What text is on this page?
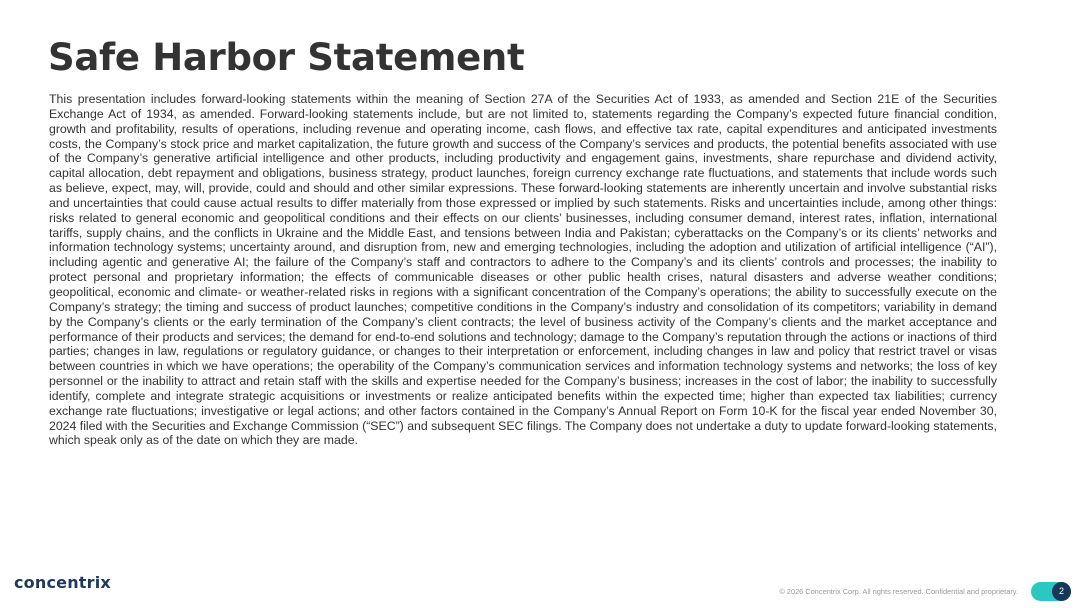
Safe Harbor Statement

This presentation includes forward-looking statements within the meaning of Section 27A of the Securities Act of 1933, as amended and Section 21E of the Securities Exchange Act of 1934, as amended. Forward-looking statements include, but are not limited to, statements regarding the Company’s expected future financial condition, growth and profitability, results of operations, including revenue and operating income, cash flows, and effective tax rate, capital expenditures and anticipated investments costs, the Company’s stock price and market capitalization, the future growth and success of the Company’s services and products, the potential benefits associated with use of the Company’s generative artificial intelligence and other products, including productivity and engagement gains, investments, share repurchase and dividend activity, capital allocation, debt repayment and obligations, business strategy, product launches, foreign currency exchange rate fluctuations, and statements that include words such as believe, expect, may, will, provide, could and should and other similar expressions. These forward-looking statements are inherently uncertain and involve substantial risks and uncertainties that could cause actual results to differ materially from those expressed or implied by such statements. Risks and uncertainties include, among other things: risks related to general economic and geopolitical conditions and their effects on our clients’ businesses, including consumer demand, interest rates, inflation, international tariffs, supply chains, and the conflicts in Ukraine and the Middle East, and tensions between India and Pakistan; cyberattacks on the Company’s or its clients’ networks and information technology systems; uncertainty around, and disruption from, new and emerging technologies, including the adoption and utilization of artificial intelligence (“AI”), including agentic and generative AI; the failure of the Company’s staff and contractors to adhere to the Company’s and its clients’ controls and processes; the inability to protect personal and proprietary information; the effects of communicable diseases or other public health crises, natural disasters and adverse weather conditions; geopolitical, economic and climate- or weather-related risks in regions with a significant concentration of the Company’s operations; the ability to successfully execute on the Company’s strategy; the timing and success of product launches; competitive conditions in the Company’s industry and consolidation of its competitors; variability in demand by the Company’s clients or the early termination of the Company’s client contracts; the level of business activity of the Company’s clients and the market acceptance and performance of their products and services; the demand for end-to-end solutions and technology; damage to the Company’s reputation through the actions or inactions of third parties; changes in law, regulations or regulatory guidance, or changes to their interpretation or enforcement, including changes in law and policy that restrict travel or visas between countries in which we have operations; the operability of the Company’s communication services and information technology systems and networks; the loss of key personnel or the inability to attract and retain staff with the skills and expertise needed for the Company’s business; increases in the cost of labor; the inability to successfully identify, complete and integrate strategic acquisitions or investments or realize anticipated benefits within the expected time; higher than expected tax liabilities; currency exchange rate fluctuations; investigative or legal actions; and other factors contained in the Company’s Annual Report on Form 10-K for the fiscal year ended November 30, 2024 filed with the Securities and Exchange Commission (“SEC”) and subsequent SEC filings. The Company does not undertake a duty to update forward-looking statements, which speak only as of the date on which they are made.

concentrix	© 2026 Concentrix Corp. All rights reserved. Confidential and proprietary.	2
